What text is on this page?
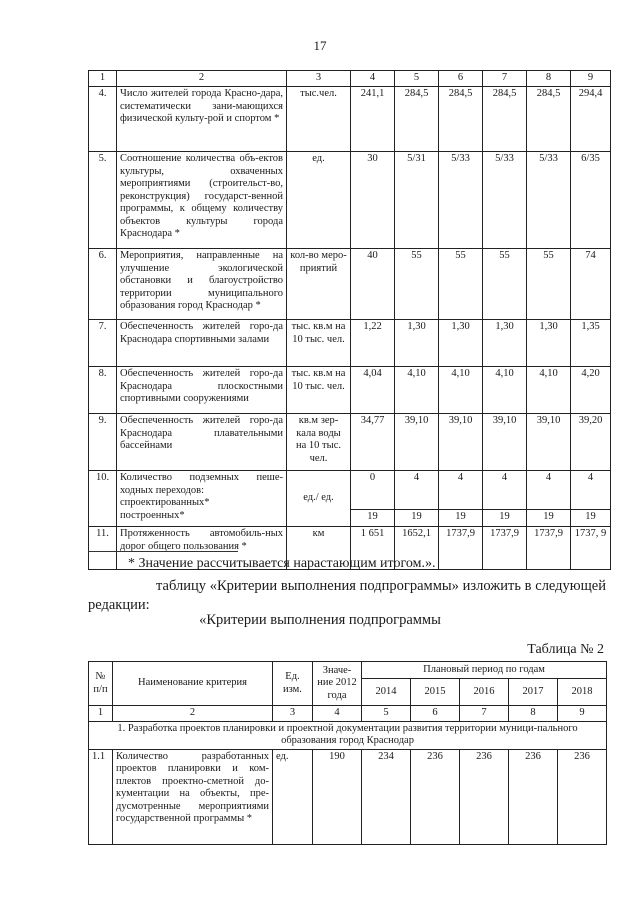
17
1	2	3	4	5	6	7	8	9
4.	Число жителей города Красно-дара, систематически зани-мающихся физической культу-рой и спортом *	тыс.чел.	241,1	284,5	284,5	284,5	284,5	294,4
5.	Соотношение количества объ-ектов культуры, охваченных мероприятиями (строительст-во, реконструкция) государст-венной программы, к общему количеству объектов культуры города Краснодара *	ед.	30	5/31	5/33	5/33	5/33	6/35
6.	Мероприятия, направленные на улучшение экологической обстановки и благоустройство территории муниципального образования город Краснодар *	кол-во меро-приятий	40	55	55	55	55	74
7.	Обеспеченность жителей горо-да Краснодара спортивными залами	тыс. кв.м на 10 тыс. чел.	1,22	1,30	1,30	1,30	1,30	1,35
8.	Обеспеченность жителей горо-да Краснодара плоскостными спортивными сооружениями	тыс. кв.м на 10 тыс. чел.	4,04	4,10	4,10	4,10	4,10	4,20
9.	Обеспеченность жителей горо-да Краснодара плавательными бассейнами	кв.м зер-кала воды на 10 тыс. чел.	34,77	39,10	39,10	39,10	39,10	39,20
10.	Количество подземных пеше-ходных переходов:
спроектированных*
построенных*	ед./ ед.	0	4	4	4	4	4
			19	19	19	19	19	19
11.	Протяженность автомобиль-ных дорог общего пользования *	км	1 651	1652,1	1737,9	1737,9	1737,9	1737, 9
* Значение рассчитывается нарастающим итогом.».
таблицу «Критерии выполнения подпрограммы» изложить в следующей редакции:
«Критерии выполнения подпрограммы
Таблица № 2
№ п/п	Наименование критерия	Ед. изм.	Значе-ние 2012 года	Плановый период по годам				
				2014	2015	2016	2017	2018
1	2	3	4	5	6	7	8	9
1. Разработка проектов планировки и проектной документации развития территории муници-пального образования город Краснодар								
1.1	Количество разработанных проектов планировки и ком-плектов проектно-сметной до-кументации на объекты, пре-дусмотренные мероприятиями государственной программы *	ед.	190	234	236	236	236	236
